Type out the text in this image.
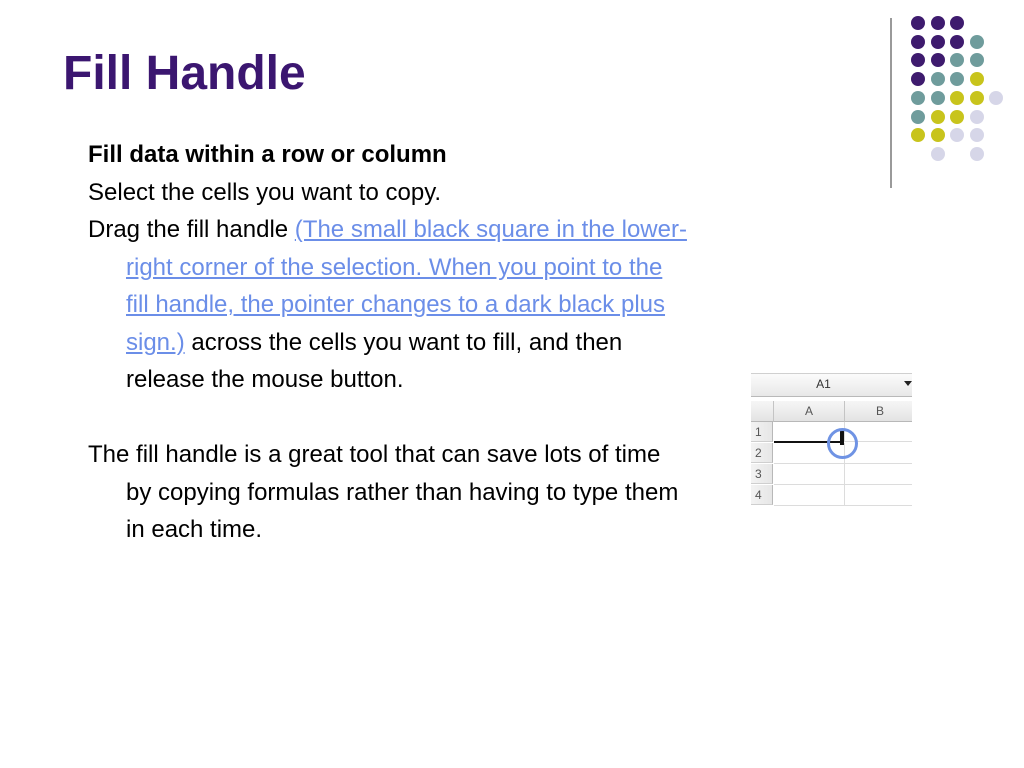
Fill Handle

Fill data within a row or column

Select the cells you want to copy.

Drag the fill handle (The small black square in the lower-right corner of the selection. When you point to the fill handle, the pointer changes to a dark black plus sign.) across the cells you want to fill, and then release the mouse button.

The fill handle is a great tool that can save lots of time by copying formulas rather than having to type them in each time.

A1
A	B
1
2
3
4
